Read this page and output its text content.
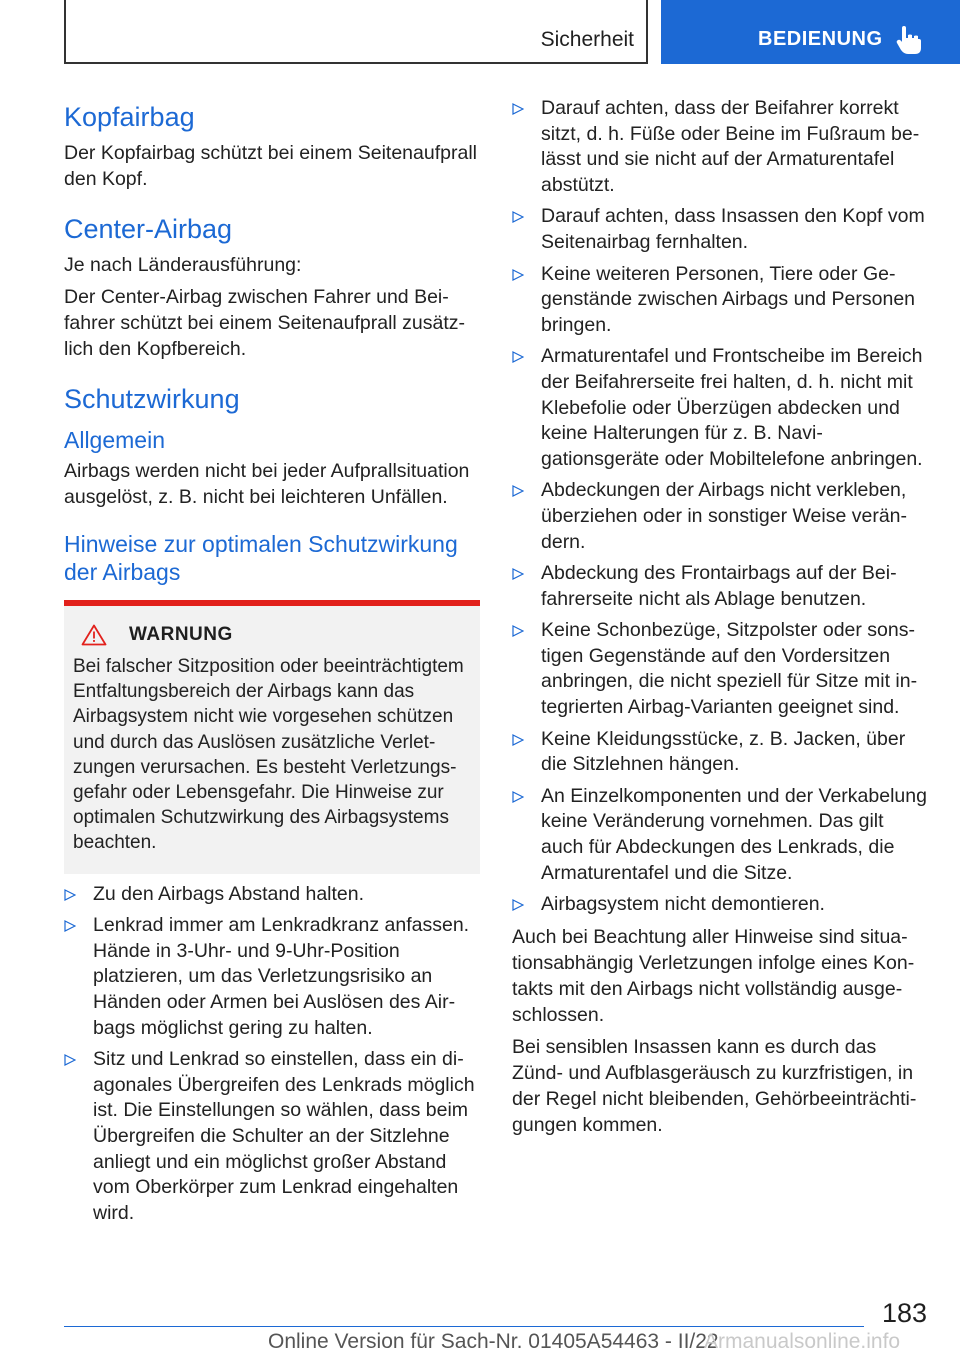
Sicherheit	BEDIENUNG
Kopfairbag

Der Kopfairbag schützt bei einem Seitenaufprall den Kopf.

Center-Airbag

Je nach Länderausführung:

Der Center-Airbag zwischen Fahrer und Beifahrer schützt bei einem Seitenaufprall zusätzlich den Kopfbereich.

Schutzwirkung
Allgemein

Airbags werden nicht bei jeder Aufprallsituation ausgelöst, z. B. nicht bei leichteren Unfällen.

Hinweise zur optimalen Schutzwirkung der Airbags
WARNUNG

Bei falscher Sitzposition oder beeinträchtigtem Entfaltungsbereich der Airbags kann das Airbagsystem nicht wie vorgesehen schützen und durch das Auslösen zusätzliche Verletzungen verursachen. Es besteht Verletzungsgefahr oder Lebensgefahr. Die Hinweise zur optimalen Schutzwirkung des Airbagsystems beachten.

Zu den Airbags Abstand halten.
Lenkrad immer am Lenkradkranz anfassen. Hände in 3-Uhr- und 9-Uhr-Position platzieren, um das Verletzungsrisiko an Händen oder Armen bei Auslösen des Airbags möglichst gering zu halten.
Sitz und Lenkrad so einstellen, dass ein diagonales Übergreifen des Lenkrads möglich ist. Die Einstellungen so wählen, dass beim Übergreifen die Schulter an der Sitzlehne anliegt und ein möglichst großer Abstand vom Oberkörper zum Lenkrad eingehalten wird.
Darauf achten, dass der Beifahrer korrekt sitzt, d. h. Füße oder Beine im Fußraum belässt und sie nicht auf der Armaturentafel abstützt.
Darauf achten, dass Insassen den Kopf vom Seitenairbag fernhalten.
Keine weiteren Personen, Tiere oder Gegenstände zwischen Airbags und Personen bringen.
Armaturentafel und Frontscheibe im Bereich der Beifahrerseite frei halten, d. h. nicht mit Klebefolie oder Überzügen abdecken und keine Halterungen für z. B. Navigationsgeräte oder Mobiltelefone anbringen.
Abdeckungen der Airbags nicht verkleben, überziehen oder in sonstiger Weise verändern.
Abdeckung des Frontairbags auf der Beifahrerseite nicht als Ablage benutzen.
Keine Schonbezüge, Sitzpolster oder sonstigen Gegenstände auf den Vordersitzen anbringen, die nicht speziell für Sitze mit integrierten Airbag-Varianten geeignet sind.
Keine Kleidungsstücke, z. B. Jacken, über die Sitzlehnen hängen.
An Einzelkomponenten und der Verkabelung keine Veränderung vornehmen. Das gilt auch für Abdeckungen des Lenkrads, die Armaturentafel und die Sitze.
Airbagsystem nicht demontieren.

Auch bei Beachtung aller Hinweise sind situationsabhängig Verletzungen infolge eines Kontakts mit den Airbags nicht vollständig ausgeschlossen.

Bei sensiblen Insassen kann es durch das Zünd- und Aufblasgeräusch zu kurzfristigen, in der Regel nicht bleibenden, Gehörbeeinträchtigungen kommen.

183
Online Version für Sach-Nr. 01405A54463 - II/22
Armanualsonline.info
